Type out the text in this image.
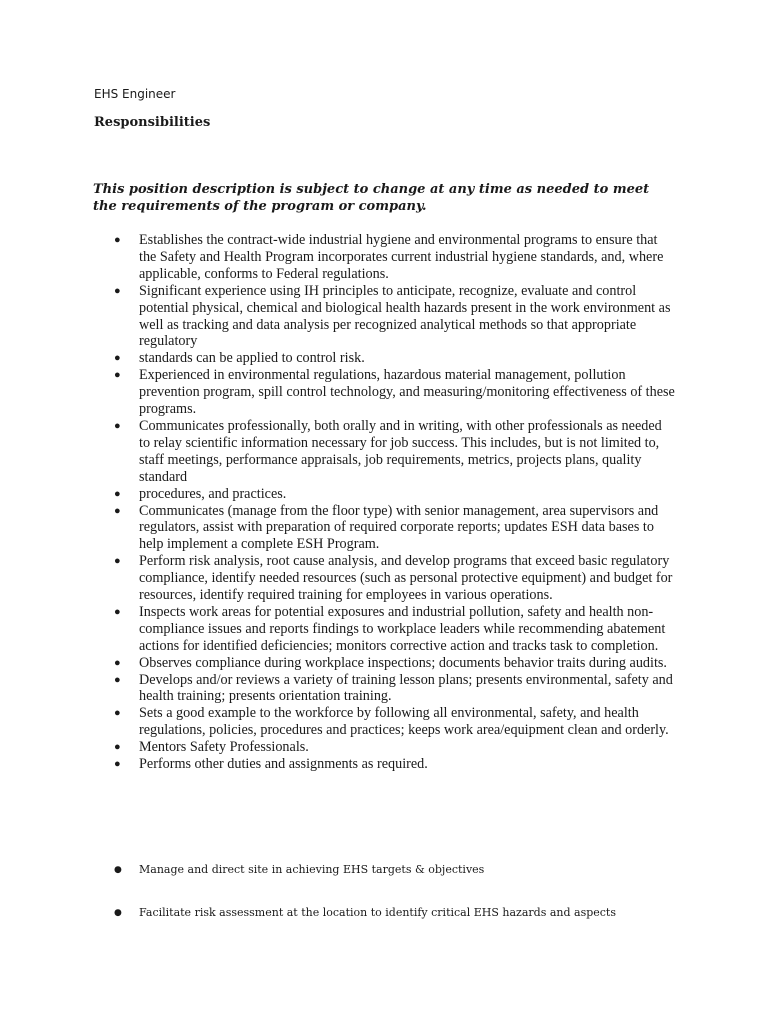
EHS Engineer
Responsibilities

This position description is subject to change at any time as needed to meet the requirements of the program or company.

● Establishes the contract-wide industrial hygiene and environmental programs to ensure that the Safety and Health Program incorporates current industrial hygiene standards, and, where applicable, conforms to Federal regulations.
● Significant experience using IH principles to anticipate, recognize, evaluate and control potential physical, chemical and biological health hazards present in the work environment as well as tracking and data analysis per recognized analytical methods so that appropriate regulatory
● standards can be applied to control risk.
● Experienced in environmental regulations, hazardous material management, pollution prevention program, spill control technology, and measuring/monitoring effectiveness of these programs.
● Communicates professionally, both orally and in writing, with other professionals as needed to relay scientific information necessary for job success. This includes, but is not limited to, staff meetings, performance appraisals, job requirements, metrics, projects plans, quality standard
● procedures, and practices.
● Communicates (manage from the floor type) with senior management, area supervisors and regulators, assist with preparation of required corporate reports; updates ESH data bases to help implement a complete ESH Program.
● Perform risk analysis, root cause analysis, and develop programs that exceed basic regulatory compliance, identify needed resources (such as personal protective equipment) and budget for resources, identify required training for employees in various operations.
● Inspects work areas for potential exposures and industrial pollution, safety and health non-compliance issues and reports findings to workplace leaders while recommending abatement actions for identified deficiencies; monitors corrective action and tracks task to completion.
● Observes compliance during workplace inspections; documents behavior traits during audits.
● Develops and/or reviews a variety of training lesson plans; presents environmental, safety and health training; presents orientation training.
● Sets a good example to the workforce by following all environmental, safety, and health regulations, policies, procedures and practices; keeps work area/equipment clean and orderly.
● Mentors Safety Professionals.
● Performs other duties and assignments as required.
● Manage and direct site in achieving EHS targets & objectives
● Facilitate risk assessment at the location to identify critical EHS hazards and aspects
